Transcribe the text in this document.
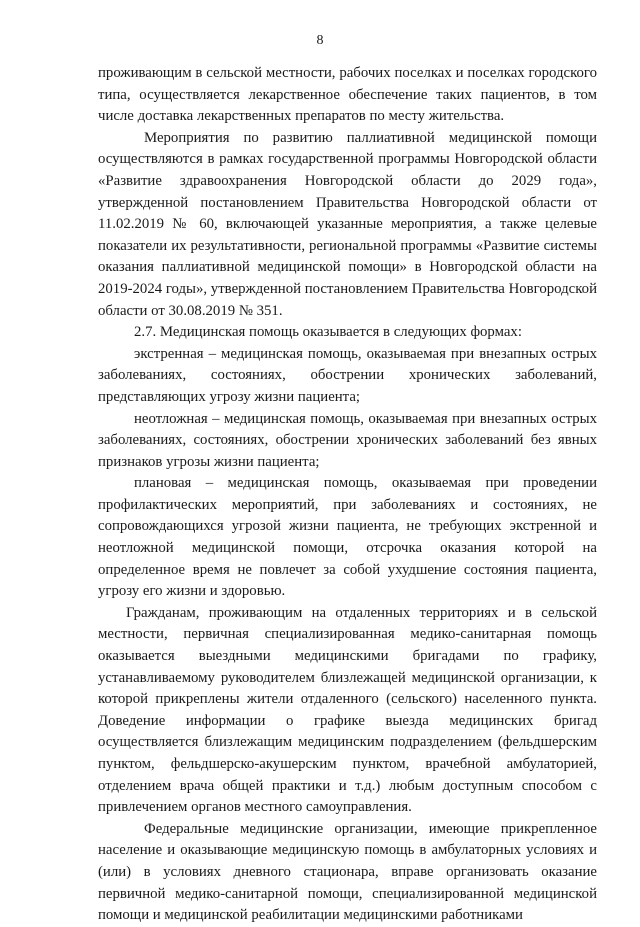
8

проживающим в сельской местности, рабочих поселках и поселках городского типа, осуществляется лекарственное обеспечение таких пациентов, в том числе доставка лекарственных препаратов по месту жительства.

Мероприятия по развитию паллиативной медицинской помощи осуществляются в рамках государственной программы Новгородской области «Развитие здравоохранения Новгородской области до 2029 года», утвержденной постановлением Правительства Новгородской области от 11.02.2019 № 60, включающей указанные мероприятия, а также целевые показатели их результативности, региональной программы «Развитие системы оказания паллиативной медицинской помощи» в Новгородской области на 2019-2024 годы», утвержденной постановлением Правительства Новгородской области от 30.08.2019 № 351.

2.7. Медицинская помощь оказывается в следующих формах:

экстренная – медицинская помощь, оказываемая при внезапных острых заболеваниях, состояниях, обострении хронических заболеваний, представляющих угрозу жизни пациента;

неотложная – медицинская помощь, оказываемая при внезапных острых заболеваниях, состояниях, обострении хронических заболеваний без явных признаков угрозы жизни пациента;

плановая – медицинская помощь, оказываемая при проведении профилактических мероприятий, при заболеваниях и состояниях, не сопровождающихся угрозой жизни пациента, не требующих экстренной и неотложной медицинской помощи, отсрочка оказания которой на определенное время не повлечет за собой ухудшение состояния пациента, угрозу его жизни и здоровью.

Гражданам, проживающим на отдаленных территориях и в сельской местности, первичная специализированная медико-санитарная помощь оказывается выездными медицинскими бригадами по графику, устанавливаемому руководителем близлежащей медицинской организации, к которой прикреплены жители отдаленного (сельского) населенного пункта. Доведение информации о графике выезда медицинских бригад осуществляется близлежащим медицинским подразделением (фельдшерским пунктом, фельдшерско-акушерским пунктом, врачебной амбулаторией, отделением врача общей практики и т.д.) любым доступным способом с привлечением органов местного самоуправления.

Федеральные медицинские организации, имеющие прикрепленное население и оказывающие медицинскую помощь в амбулаторных условиях и (или) в условиях дневного стационара, вправе организовать оказание первичной медико-санитарной помощи, специализированной медицинской помощи и медицинской реабилитации медицинскими работниками
